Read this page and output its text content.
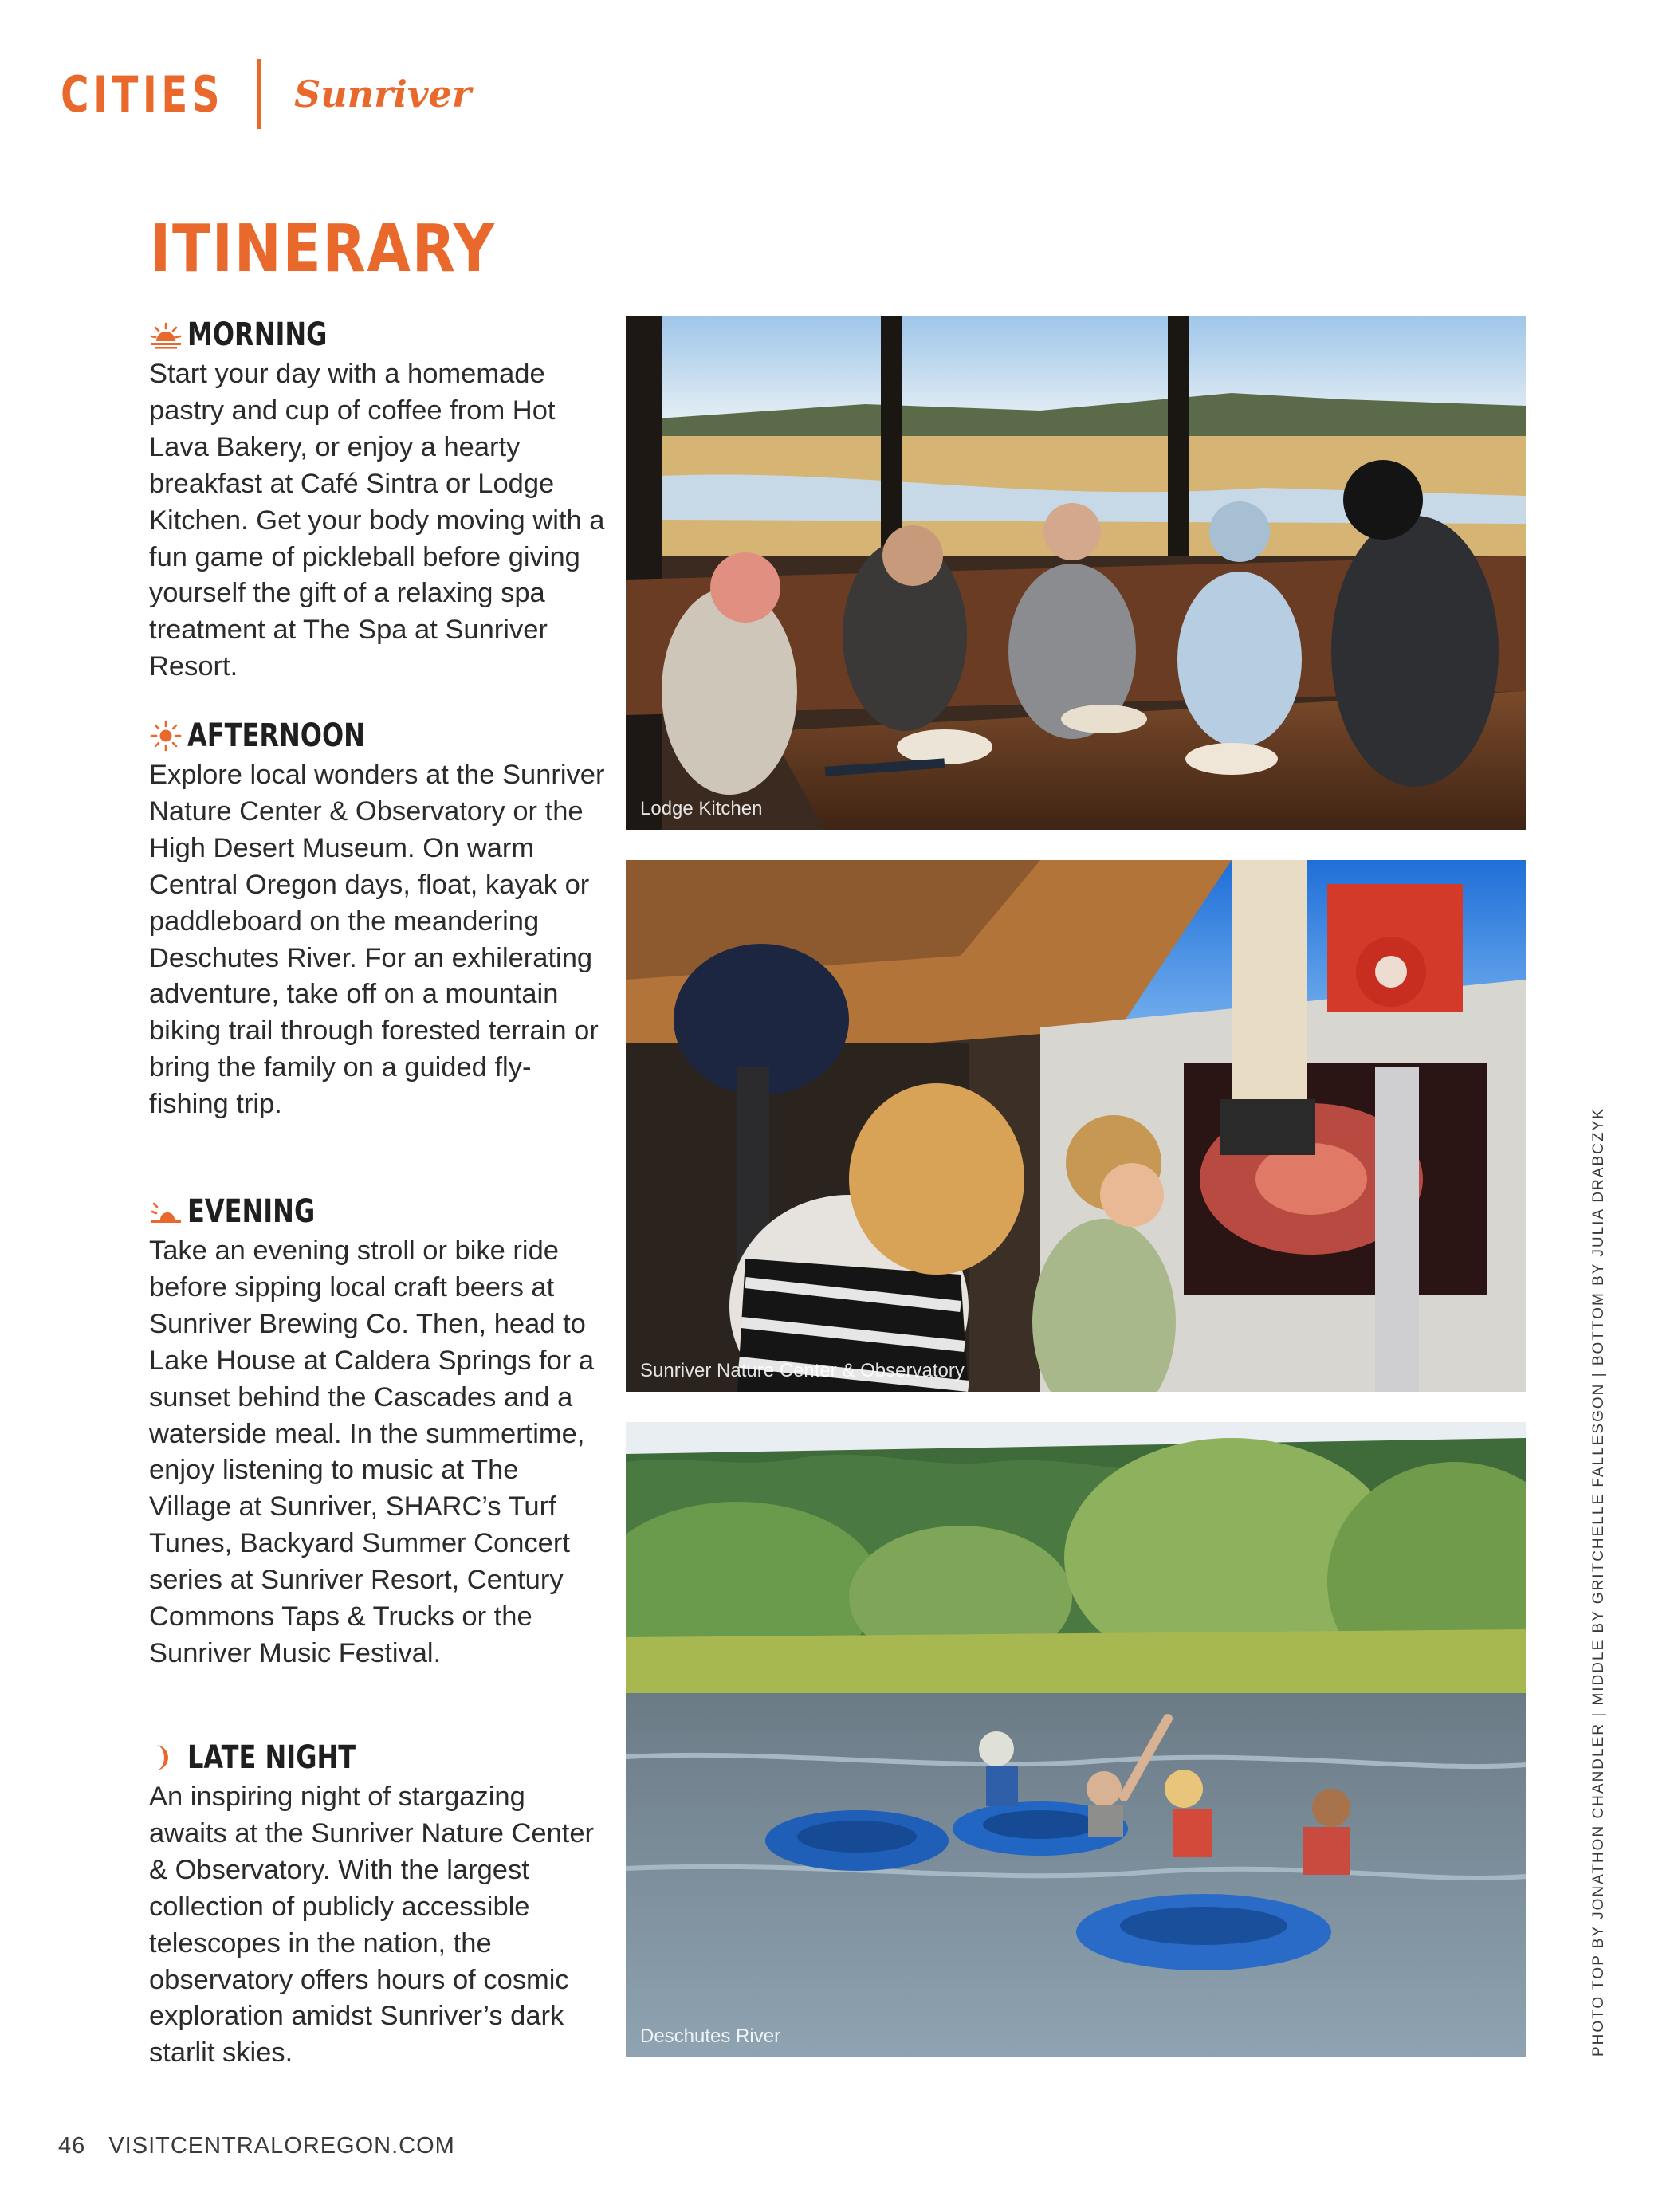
CITIES Sunriver
ITINERARY
MORNING

Start your day with a homemade pastry and cup of coffee from Hot Lava Bakery, or enjoy a hearty breakfast at Café Sintra or Lodge Kitchen. Get your body moving with a fun game of pickleball before giving yourself the gift of a relaxing spa treatment at The Spa at Sunriver Resort.

AFTERNOON

Explore local wonders at the Sunriver Nature Center & Observatory or the High Desert Museum. On warm Central Oregon days, float, kayak or paddleboard on the meandering Deschutes River. For an exhilerating adventure, take off on a mountain biking trail through forested terrain or bring the family on a guided fly-fishing trip.

EVENING

Take an evening stroll or bike ride before sipping local craft beers at Sunriver Brewing Co. Then, head to Lake House at Caldera Springs for a sunset behind the Cascades and a waterside meal. In the summertime, enjoy listening to music at The Village at Sunriver, SHARC’s Turf Tunes, Backyard Summer Concert series at Sunriver Resort, Century Commons Taps & Trucks or the Sunriver Music Festival.

LATE NIGHT

An inspiring night of stargazing awaits at the Sunriver Nature Center & Observatory. With the largest collection of publicly accessible telescopes in the nation, the observatory offers hours of cosmic exploration amidst Sunriver’s dark starlit skies.

Lodge Kitchen
Sunriver Nature Center & Observatory
Deschutes River	PHOTO TOP BY JONATHON CHANDLER | MIDDLE BY GRITCHELLE FALLESGON | BOTTOM BY JULIA DRABCZYK
46 VISITCENTRALOREGON.COM
